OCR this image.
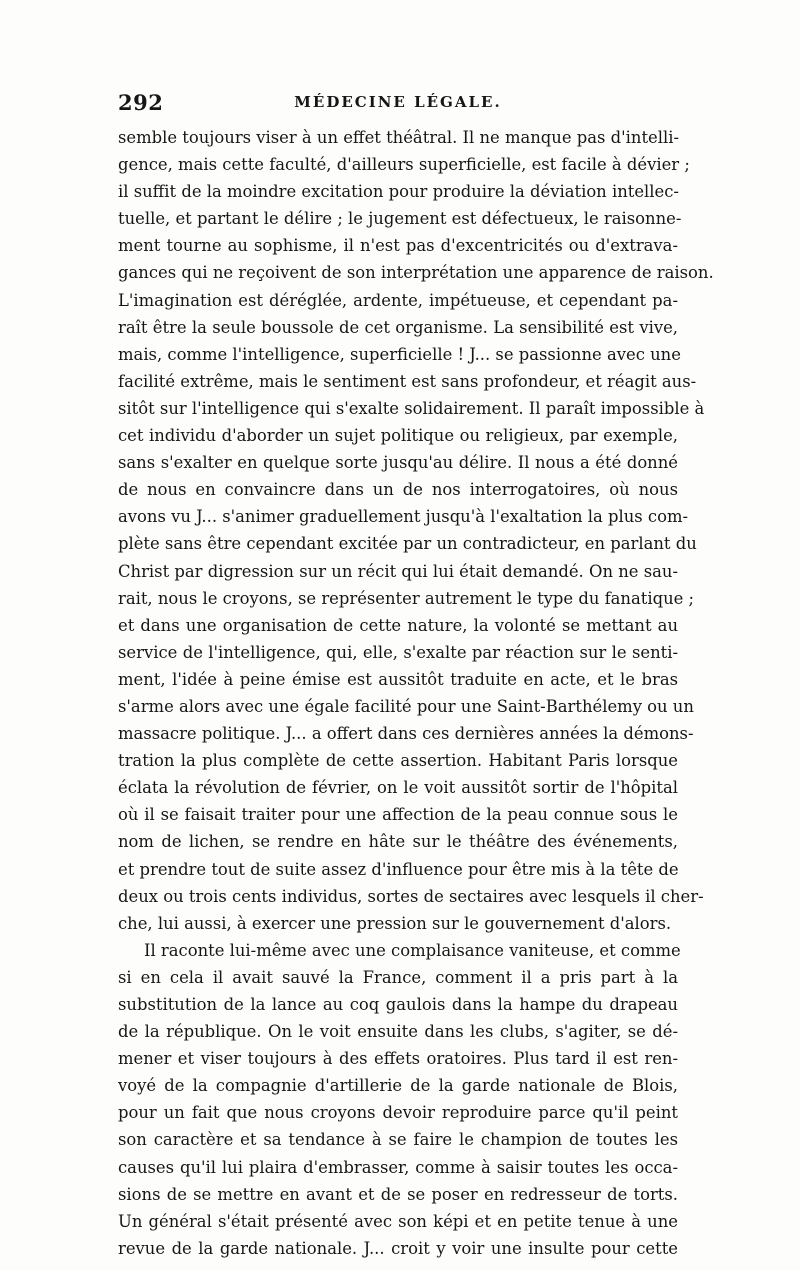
292	MÉDECINE LÉGALE.
semble toujours viser à un effet théâtral. Il ne manque pas d'intelli-
gence, mais cette faculté, d'ailleurs superficielle, est facile à dévier ;
il suffit de la moindre excitation pour produire la déviation intellec-
tuelle, et partant le délire ; le jugement est défectueux, le raisonne-
ment tourne au sophisme, il n'est pas d'excentricités ou d'extrava-
gances qui ne reçoivent de son interprétation une apparence de raison.
L'imagination est déréglée, ardente, impétueuse, et cependant pa-
raît être la seule boussole de cet organisme. La sensibilité est vive,
mais, comme l'intelligence, superficielle ! J... se passionne avec une
facilité extrême, mais le sentiment est sans profondeur, et réagit aus-
sitôt sur l'intelligence qui s'exalte solidairement. Il paraît impossible à
cet individu d'aborder un sujet politique ou religieux, par exemple,
sans s'exalter en quelque sorte jusqu'au délire. Il nous a été donné
de nous en convaincre dans un de nos interrogatoires, où nous
avons vu J... s'animer graduellement jusqu'à l'exaltation la plus com-
plète sans être cependant excitée par un contradicteur, en parlant du
Christ par digression sur un récit qui lui était demandé. On ne sau-
rait, nous le croyons, se représenter autrement le type du fanatique ;
et dans une organisation de cette nature, la volonté se mettant au
service de l'intelligence, qui, elle, s'exalte par réaction sur le senti-
ment, l'idée à peine émise est aussitôt traduite en acte, et le bras
s'arme alors avec une égale facilité pour une Saint-Barthélemy ou un
massacre politique. J... a offert dans ces dernières années la démons-
tration la plus complète de cette assertion. Habitant Paris lorsque
éclata la révolution de février, on le voit aussitôt sortir de l'hôpital
où il se faisait traiter pour une affection de la peau connue sous le
nom de lichen, se rendre en hâte sur le théâtre des événements,
et prendre tout de suite assez d'influence pour être mis à la tête de
deux ou trois cents individus, sortes de sectaires avec lesquels il cher-
che, lui aussi, à exercer une pression sur le gouvernement d'alors.
Il raconte lui-même avec une complaisance vaniteuse, et comme
si en cela il avait sauvé la France, comment il a pris part à la
substitution de la lance au coq gaulois dans la hampe du drapeau
de la république. On le voit ensuite dans les clubs, s'agiter, se dé-
mener et viser toujours à des effets oratoires. Plus tard il est ren-
voyé de la compagnie d'artillerie de la garde nationale de Blois,
pour un fait que nous croyons devoir reproduire parce qu'il peint
son caractère et sa tendance à se faire le champion de toutes les
causes qu'il lui plaira d'embrasser, comme à saisir toutes les occa-
sions de se mettre en avant et de se poser en redresseur de torts.
Un général s'était présenté avec son képi et en petite tenue à une
revue de la garde nationale. J... croit y voir une insulte pour cette
